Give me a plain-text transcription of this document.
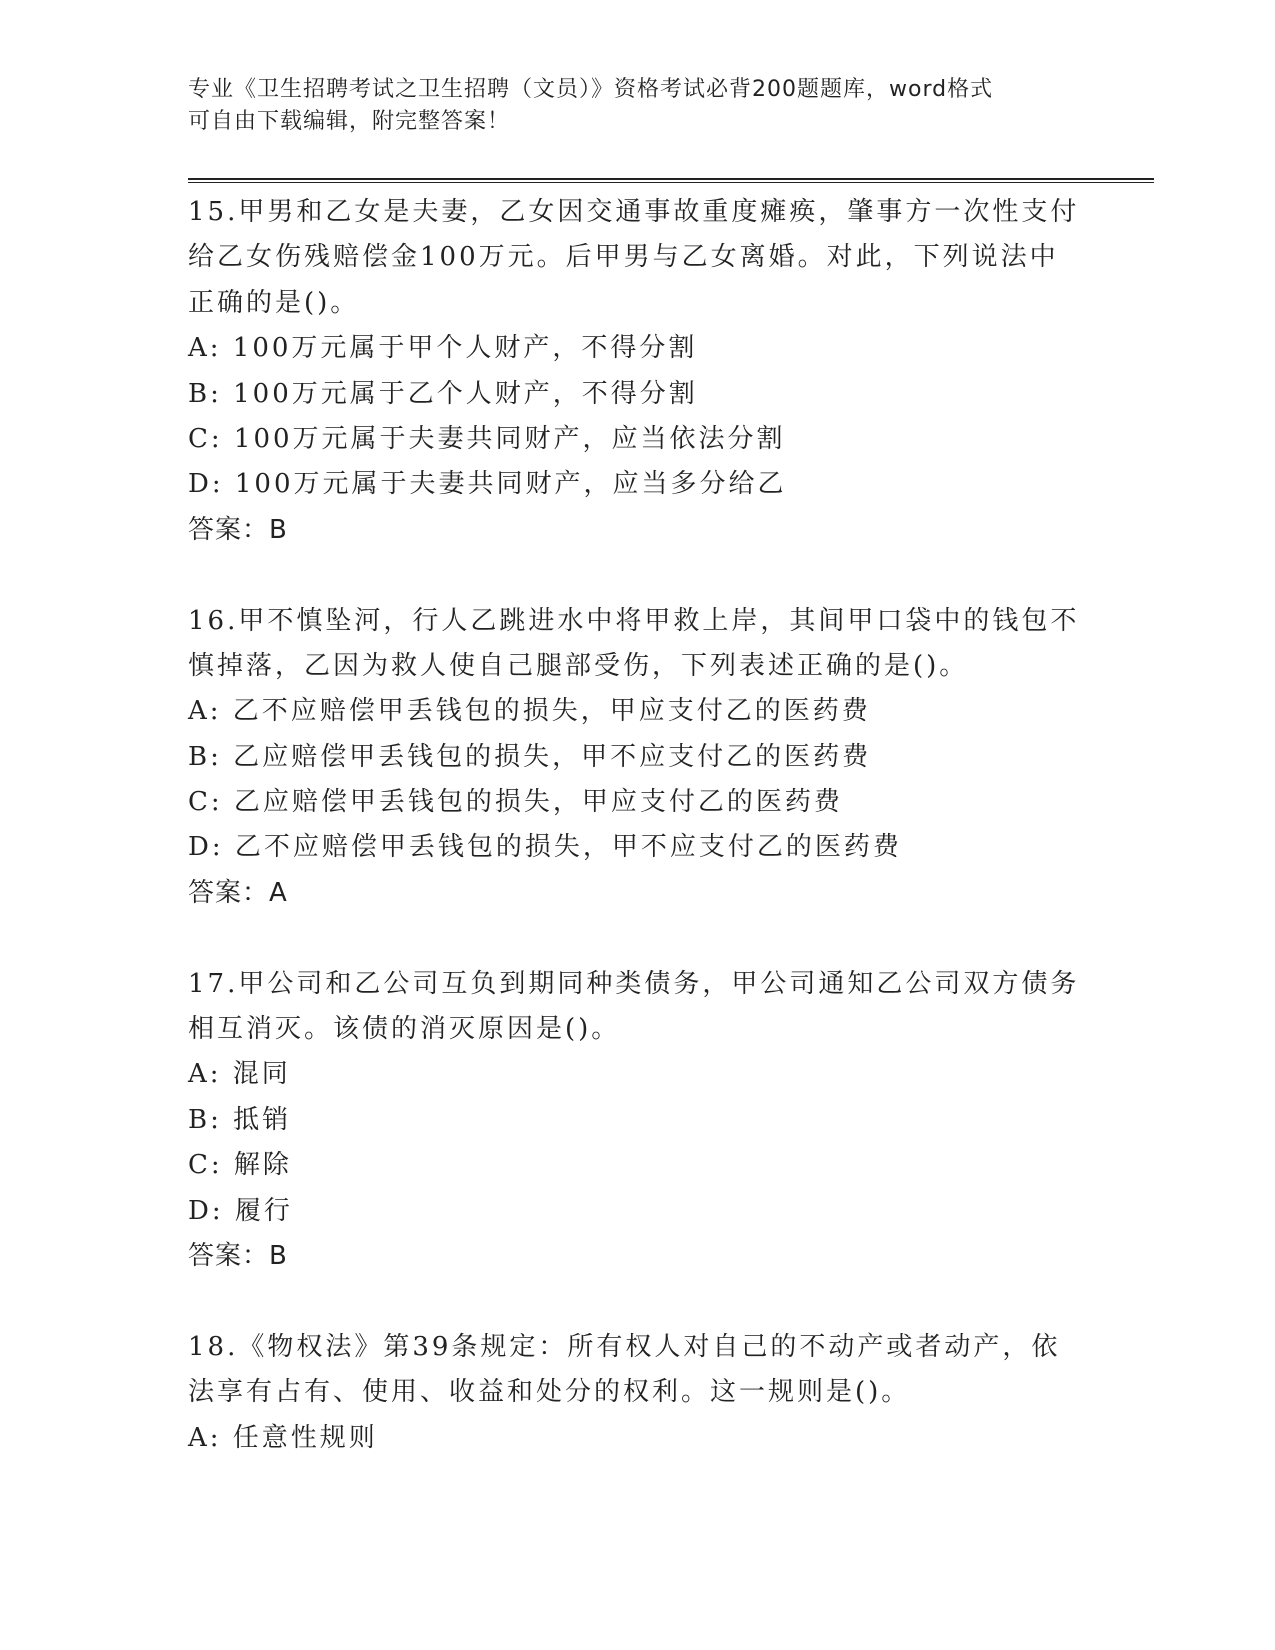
专业《卫生招聘考试之卫生招聘（文员）》资格考试必背200题题库，word格式
可自由下载编辑，附完整答案！
15.甲男和乙女是夫妻，乙女因交通事故重度瘫痪，肇事方一次性支付
给乙女伤残赔偿金100万元。后甲男与乙女离婚。对此，下列说法中
正确的是()。
A: 100万元属于甲个人财产，不得分割
B: 100万元属于乙个人财产，不得分割
C: 100万元属于夫妻共同财产，应当依法分割
D: 100万元属于夫妻共同财产，应当多分给乙
答案：B
16.甲不慎坠河，行人乙跳进水中将甲救上岸，其间甲口袋中的钱包不
慎掉落，乙因为救人使自己腿部受伤，下列表述正确的是()。
A: 乙不应赔偿甲丢钱包的损失，甲应支付乙的医药费
B: 乙应赔偿甲丢钱包的损失，甲不应支付乙的医药费
C: 乙应赔偿甲丢钱包的损失，甲应支付乙的医药费
D: 乙不应赔偿甲丢钱包的损失，甲不应支付乙的医药费
答案：A
17.甲公司和乙公司互负到期同种类债务，甲公司通知乙公司双方债务
相互消灭。该债的消灭原因是()。
A: 混同
B: 抵销
C: 解除
D: 履行
答案：B
18.《物权法》第39条规定：所有权人对自己的不动产或者动产，依
法享有占有、使用、收益和处分的权利。这一规则是()。
A: 任意性规则
